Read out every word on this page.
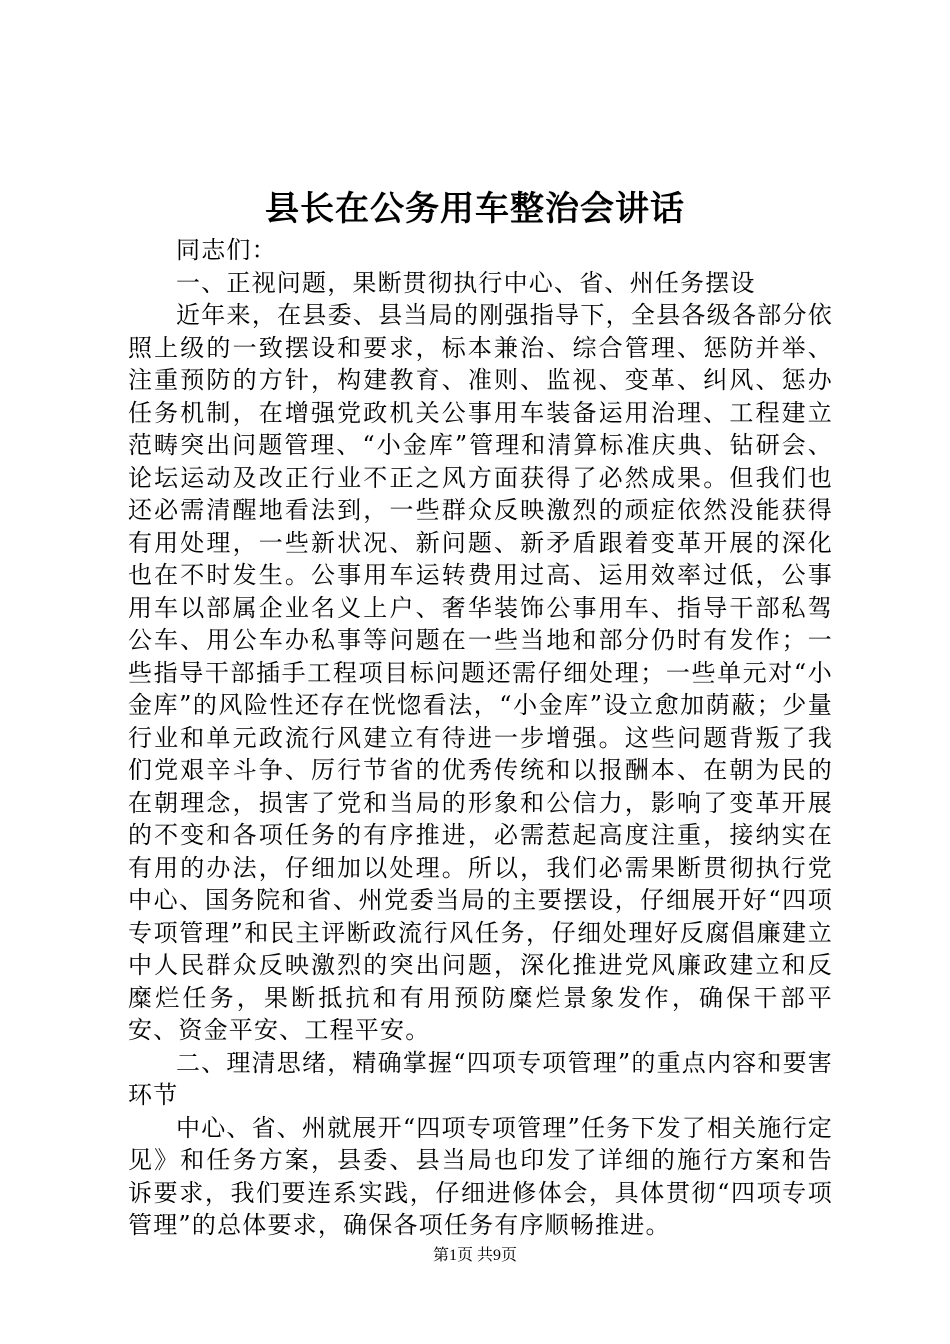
县长在公务用车整治会讲话

同志们：

一、正视问题，果断贯彻执行中心、省、州任务摆设

近年来，在县委、县当局的刚强指导下，全县各级各部分依照上级的一致摆设和要求，标本兼治、综合管理、惩防并举、注重预防的方针，构建教育、准则、监视、变革、纠风、惩办任务机制，在增强党政机关公事用车装备运用治理、工程建立范畴突出问题管理、“小金库”管理和清算标准庆典、钻研会、论坛运动及改正行业不正之风方面获得了必然成果。但我们也还必需清醒地看法到，一些群众反映激烈的顽症依然没能获得有用处理，一些新状况、新问题、新矛盾跟着变革开展的深化也在不时发生。公事用车运转费用过高、运用效率过低，公事用车以部属企业名义上户、奢华装饰公事用车、指导干部私驾公车、用公车办私事等问题在一些当地和部分仍时有发作；一些指导干部插手工程项目标问题还需仔细处理；一些单元对“小金库”的风险性还存在恍惚看法，“小金库”设立愈加荫蔽；少量行业和单元政流行风建立有待进一步增强。这些问题背叛了我们党艰辛斗争、厉行节省的优秀传统和以报酬本、在朝为民的在朝理念，损害了党和当局的形象和公信力，影响了变革开展的不变和各项任务的有序推进，必需惹起高度注重，接纳实在有用的办法，仔细加以处理。所以，我们必需果断贯彻执行党中心、国务院和省、州党委当局的主要摆设，仔细展开好“四项专项管理”和民主评断政流行风任务，仔细处理好反腐倡廉建立中人民群众反映激烈的突出问题，深化推进党风廉政建立和反糜烂任务，果断抵抗和有用预防糜烂景象发作，确保干部平安、资金平安、工程平安。

二、理清思绪，精确掌握“四项专项管理”的重点内容和要害环节

中心、省、州就展开“四项专项管理”任务下发了相关施行定见》和任务方案，县委、县当局也印发了详细的施行方案和告诉要求，我们要连系实践，仔细进修体会，具体贯彻“四项专项管理”的总体要求，确保各项任务有序顺畅推进。

第1页 共9页
